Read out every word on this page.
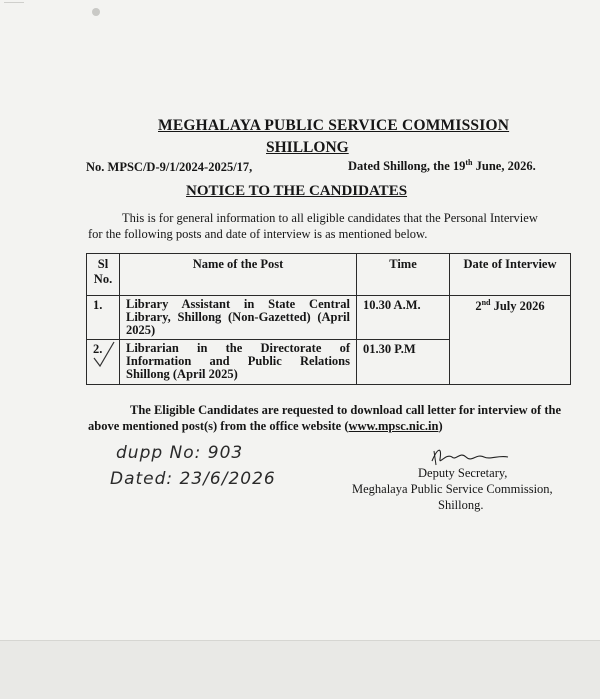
MEGHALAYA PUBLIC SERVICE COMMISSION
SHILLONG
No. MPSC/D-9/1/2024-2025/17,	Dated Shillong, the 19th June, 2026.
NOTICE TO THE CANDIDATES
This is for general information to all eligible candidates that the Personal Interview
for the following posts and date of interview is as mentioned below.
Sl
No.	Name of the Post	Time	Date of Interview
1.	Library Assistant in State Central Library, Shillong (Non-Gazetted) (April 2025)	10.30 A.M.	2nd July 2026
2.	Librarian in the Directorate of Information and Public Relations Shillong (April 2025)	01.30 P.M	
The Eligible Candidates are requested to download call letter for interview of the
above mentioned post(s) from the office website (www.mpsc.nic.in)
dupp No: 903
Dated: 23/6/2026	Deputy Secretary,
Meghalaya Public Service Commission,
Shillong.
